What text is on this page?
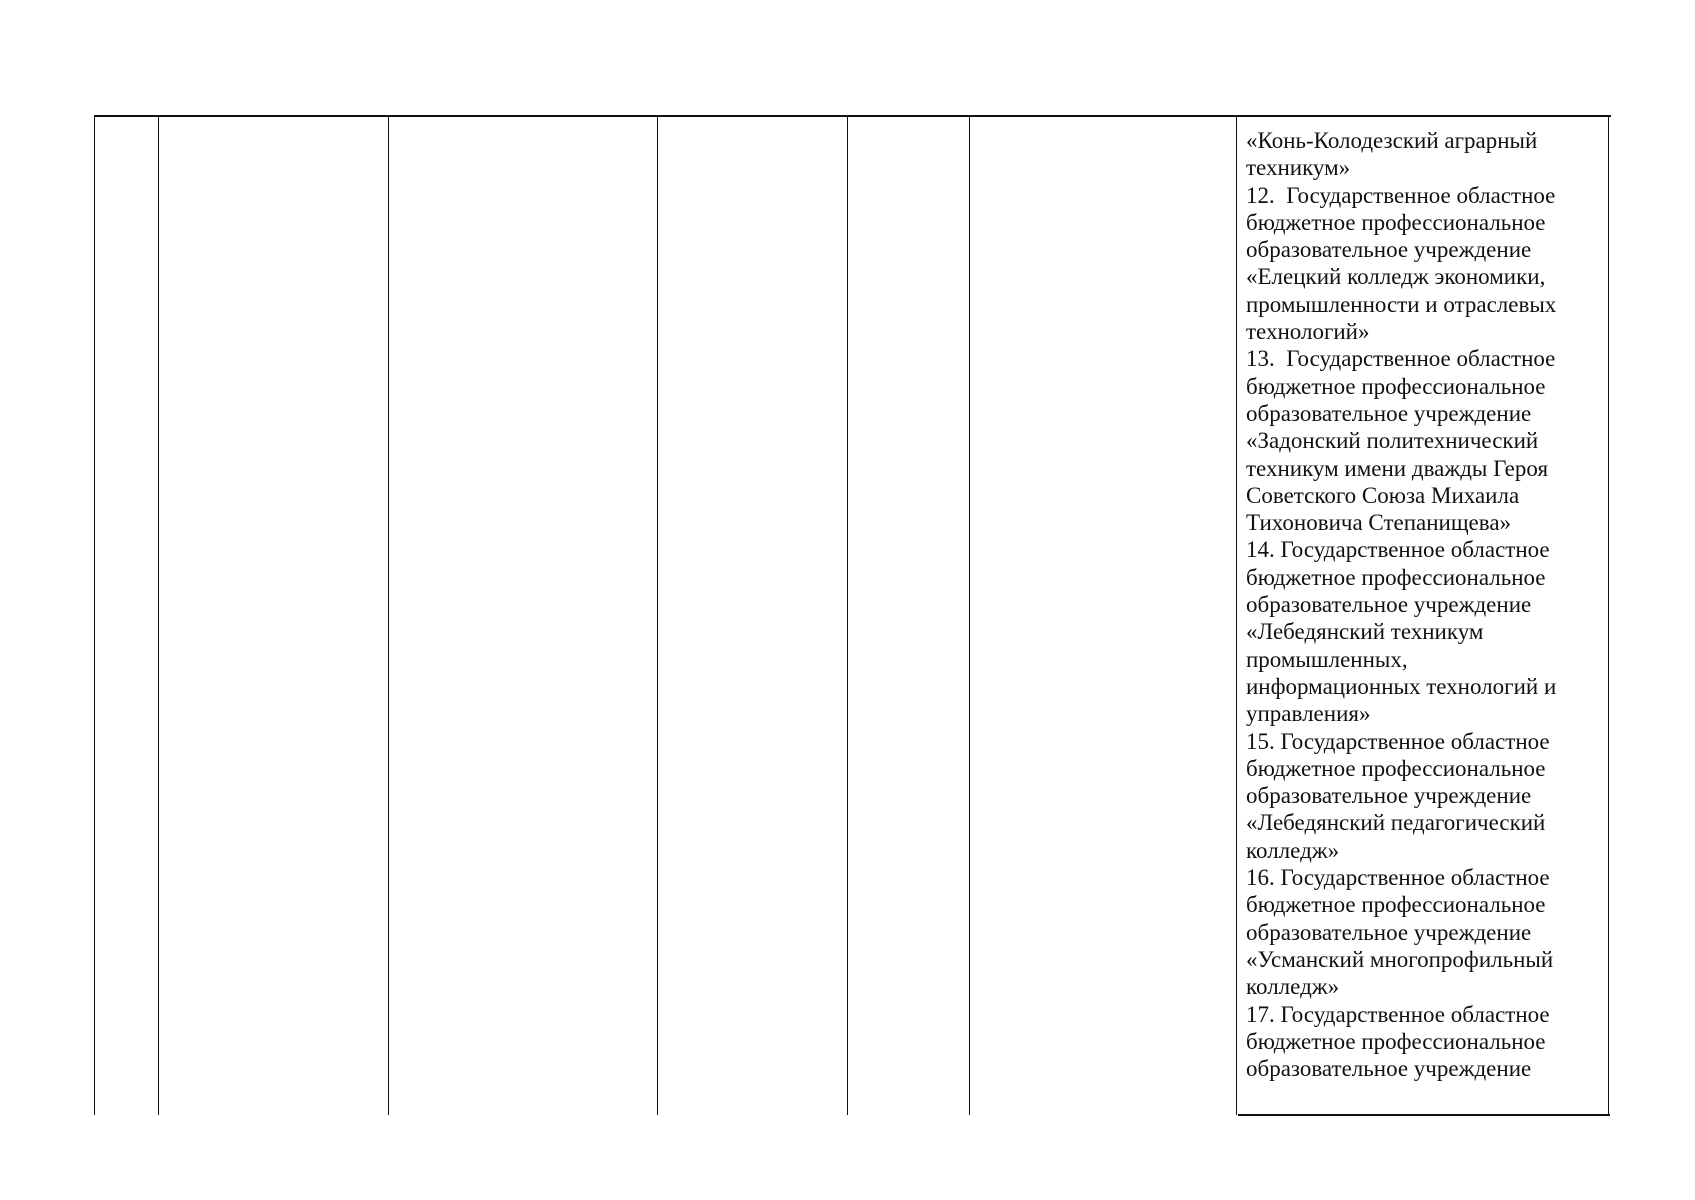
«Конь-Колодезский аграрный
техникум»
12.  Государственное областное
бюджетное профессиональное
образовательное учреждение
«Елецкий колледж экономики,
промышленности и отраслевых
технологий»
13.  Государственное областное
бюджетное профессиональное
образовательное учреждение
«Задонский политехнический
техникум имени дважды Героя
Советского Союза Михаила
Тихоновича Степанищева»
14. Государственное областное
бюджетное профессиональное
образовательное учреждение
«Лебедянский техникум
промышленных,
информационных технологий и
управления»
15. Государственное областное
бюджетное профессиональное
образовательное учреждение
«Лебедянский педагогический
колледж»
16. Государственное областное
бюджетное профессиональное
образовательное учреждение
«Усманский многопрофильный
колледж»
17. Государственное областное
бюджетное профессиональное
образовательное учреждение
